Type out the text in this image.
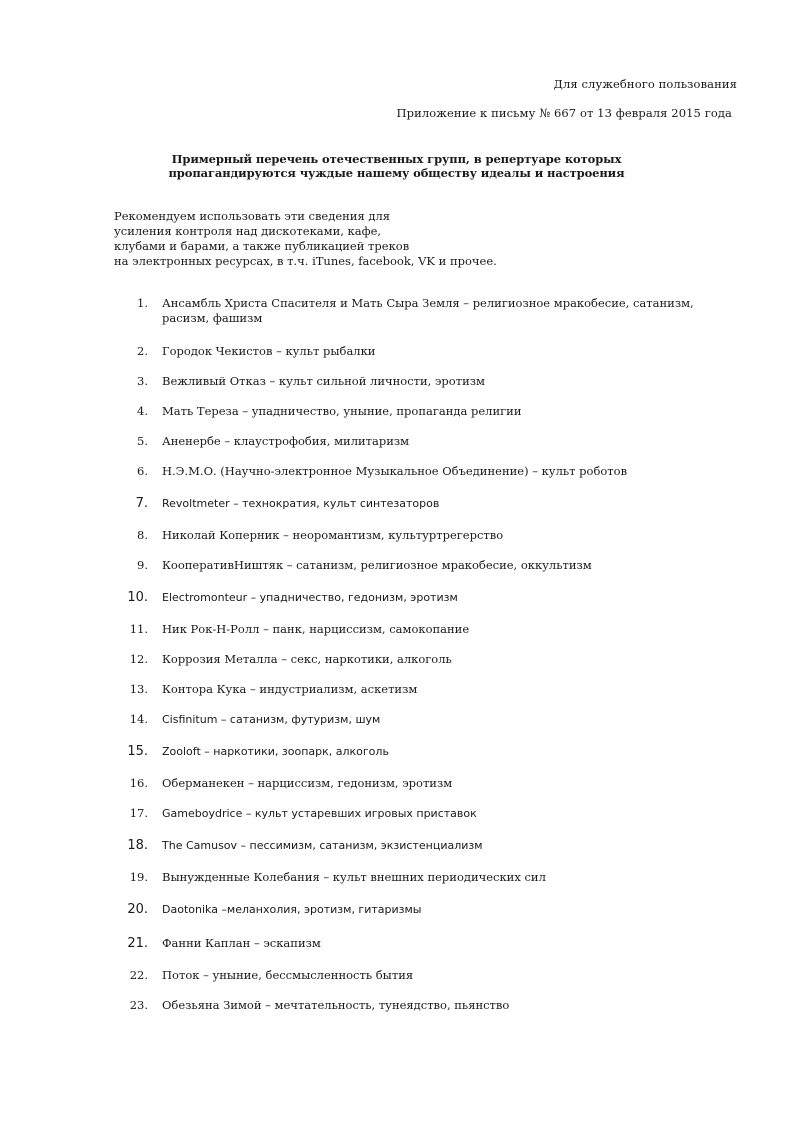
Для служебного пользования
Приложение к письму № 667 от 13 февраля 2015 года
Примерный перечень отечественных групп, в репертуаре которых
пропагандируются чуждые нашему обществу идеалы и настроения
Рекомендуем использовать эти сведения для
усиления контроля над дискотеками, кафе,
клубами и барами, а также публикацией треков
на электронных ресурсах, в т.ч. iTunes, facebook, VK и прочее.
1. Ансамбль Христа Спасителя и Мать Сыра Земля – религиозное мракобесие, сатанизм, расизм, фашизм
2. Городок Чекистов – культ рыбалки
3. Вежливый Отказ – культ сильной личности, эротизм
4. Мать Тереза – упадничество, уныние, пропаганда религии
5. Аненербе – клаустрофобия, милитаризм
6. Н.Э.М.О. (Научно-электронное Музыкальное Объединение) – культ роботов
7. Revoltmeter – технократия, культ синтезаторов
8. Николай Коперник – неоромантизм, культуртрегерство
9. КооперативНиштяк – сатанизм, религиозное мракобесие, оккультизм
10. Electromonteur – упадничество, гедонизм, эротизм
11. Ник Рок-Н-Ролл – панк, нарциссизм, самокопание
12. Коррозия Металла – секс, наркотики, алкоголь
13. Контора Кука – индустриализм, аскетизм
14. Cisfinitum – сатанизм, футуризм, шум
15. Zooloft – наркотики, зоопарк, алкоголь
16. Оберманекен – нарциссизм, гедонизм, эротизм
17. Gameboydrice – культ устаревших игровых приставок
18. The Camusov – пессимизм, сатанизм, экзистенциализм
19. Вынужденные Колебания – культ внешних периодических сил
20. Daotonika –меланхолия, эротизм, гитаризмы
21. Фанни Каплан – эскапизм
22. Поток – уныние, бессмысленность бытия
23. Обезьяна Зимой – мечтательность, тунеядство, пьянство
